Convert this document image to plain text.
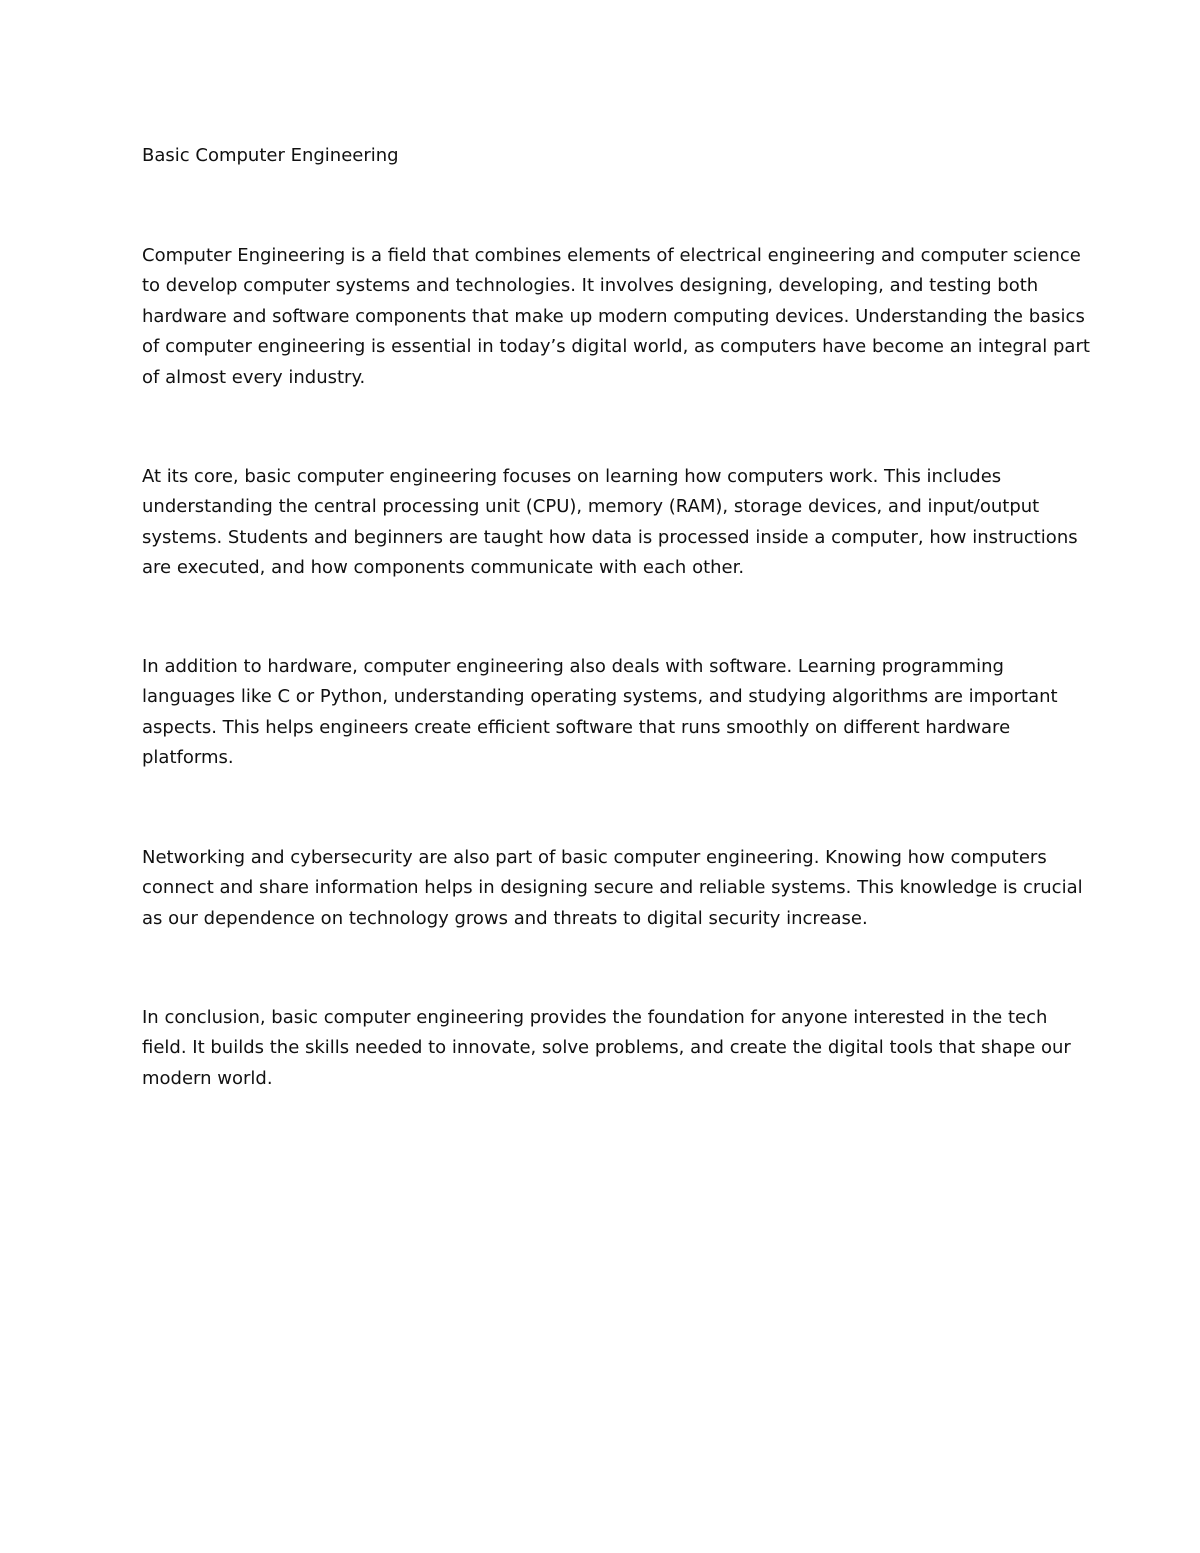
Basic Computer Engineering

Computer Engineering is a field that combines elements of electrical engineering and computer science
to develop computer systems and technologies. It involves designing, developing, and testing both
hardware and software components that make up modern computing devices. Understanding the basics
of computer engineering is essential in today’s digital world, as computers have become an integral part
of almost every industry.

At its core, basic computer engineering focuses on learning how computers work. This includes
understanding the central processing unit (CPU), memory (RAM), storage devices, and input/output
systems. Students and beginners are taught how data is processed inside a computer, how instructions
are executed, and how components communicate with each other.

In addition to hardware, computer engineering also deals with software. Learning programming
languages like C or Python, understanding operating systems, and studying algorithms are important
aspects. This helps engineers create efficient software that runs smoothly on different hardware
platforms.

Networking and cybersecurity are also part of basic computer engineering. Knowing how computers
connect and share information helps in designing secure and reliable systems. This knowledge is crucial
as our dependence on technology grows and threats to digital security increase.

In conclusion, basic computer engineering provides the foundation for anyone interested in the tech
field. It builds the skills needed to innovate, solve problems, and create the digital tools that shape our
modern world.
